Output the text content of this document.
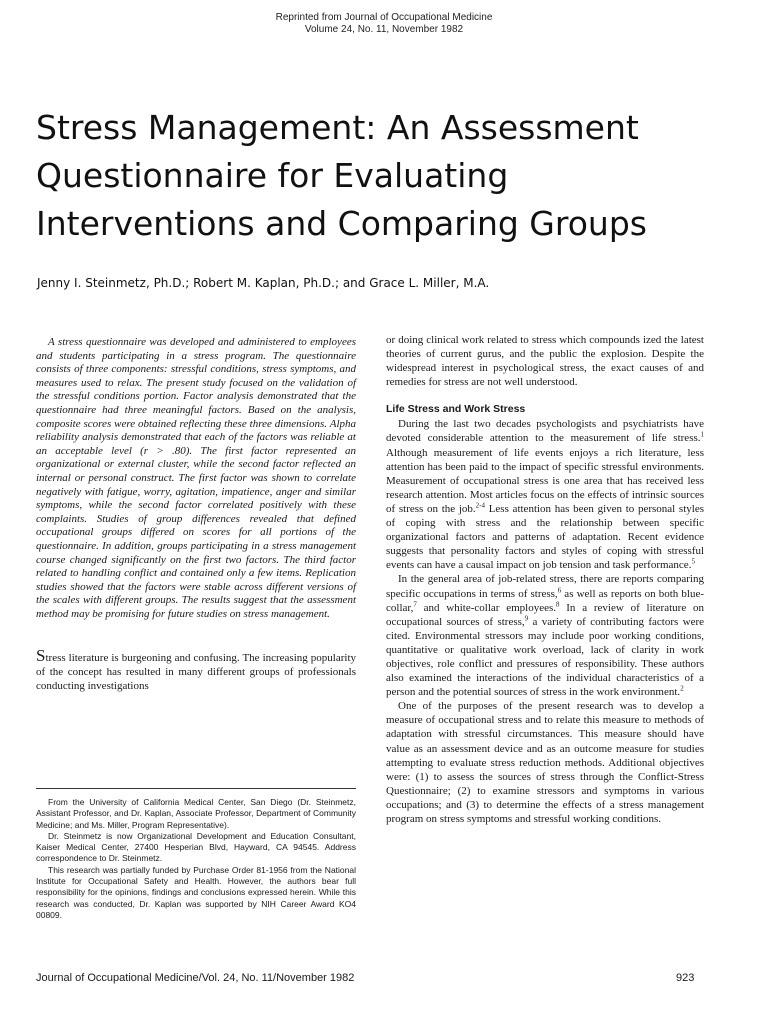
Reprinted from Journal of Occupational Medicine
Volume 24, No. 11, November 1982
Stress Management: An Assessment
Questionnaire for Evaluating
Interventions and Comparing Groups
Jenny I. Steinmetz, Ph.D.; Robert M. Kaplan, Ph.D.; and Grace L. Miller, M.A.

A stress questionnaire was developed and administered to employees and students participating in a stress program. The questionnaire consists of three components: stressful conditions, stress symptoms, and measures used to relax. The present study focused on the validation of the stressful conditions portion. Factor analysis demonstrated that the questionnaire had three meaningful factors. Based on the analysis, composite scores were obtained reflecting these three dimensions. Alpha reliability analysis demonstrated that each of the factors was reliable at an acceptable level (r > .80). The first factor represented an organizational or external cluster, while the second factor reflected an internal or personal construct. The first factor was shown to correlate negatively with fatigue, worry, agitation, impatience, anger and similar symptoms, while the second factor correlated positively with these complaints. Studies of group differences revealed that defined occupational groups differed on scores for all portions of the questionnaire. In addition, groups participating in a stress management course changed significantly on the first two factors. The third factor related to handling conflict and contained only a few items. Replication studies showed that the factors were stable across different versions of the scales with different groups. The results suggest that the assessment method may be promising for future studies on stress management.

Stress literature is burgeoning and confusing. The increasing popularity of the concept has resulted in many different groups of professionals conducting investigations

From the University of California Medical Center, San Diego (Dr. Steinmetz, Assistant Professor, and Dr. Kaplan, Associate Professor, Department of Community Medicine; and Ms. Miller, Program Representative).

Dr. Steinmetz is now Organizational Development and Education Consultant, Kaiser Medical Center, 27400 Hesperian Blvd, Hayward, CA 94545. Address correspondence to Dr. Steinmetz.

This research was partially funded by Purchase Order 81-1956 from the National Institute for Occupational Safety and Health. However, the authors bear full responsibility for the opinions, findings and conclusions expressed herein. While this research was conducted, Dr. Kaplan was supported by NIH Career Award KO4 00809.

or doing clinical work related to stress which compounds ized the latest theories of current gurus, and the public the explosion. Despite the widespread interest in psychological stress, the exact causes of and remedies for stress are not well understood.

Life Stress and Work Stress

During the last two decades psychologists and psychiatrists have devoted considerable attention to the measurement of life stress.$^1$ Although measurement of life events enjoys a rich literature, less attention has been paid to the impact of specific stressful environments. Measurement of occupational stress is one area that has received less research attention. Most articles focus on the effects of intrinsic sources of stress on the job.$^{2-4}$ Less attention has been given to personal styles of coping with stress and the relationship between specific organizational factors and patterns of adaptation. Recent evidence suggests that personality factors and styles of coping with stressful events can have a causal impact on job tension and task performance.$^5$

In the general area of job-related stress, there are reports comparing specific occupations in terms of stress,$^6$ as well as reports on both blue-collar,$^7$ and white-collar employees.$^8$ In a review of literature on occupational sources of stress,$^9$ a variety of contributing factors were cited. Environmental stressors may include poor working conditions, quantitative or qualitative work overload, lack of clarity in work objectives, role conflict and pressures of responsibility. These authors also examined the interactions of the individual characteristics of a person and the potential sources of stress in the work environment.$^2$

One of the purposes of the present research was to develop a measure of occupational stress and to relate this measure to methods of adaptation with stressful circumstances. This measure should have value as an assessment device and as an outcome measure for studies attempting to evaluate stress reduction methods. Additional objectives were: (1) to assess the sources of stress through the Conflict-Stress Questionnaire; (2) to examine stressors and symptoms in various occupations; and (3) to determine the effects of a stress management program on stress symptoms and stressful working conditions.

Journal of Occupational Medicine/Vol. 24, No. 11/November 1982	923
